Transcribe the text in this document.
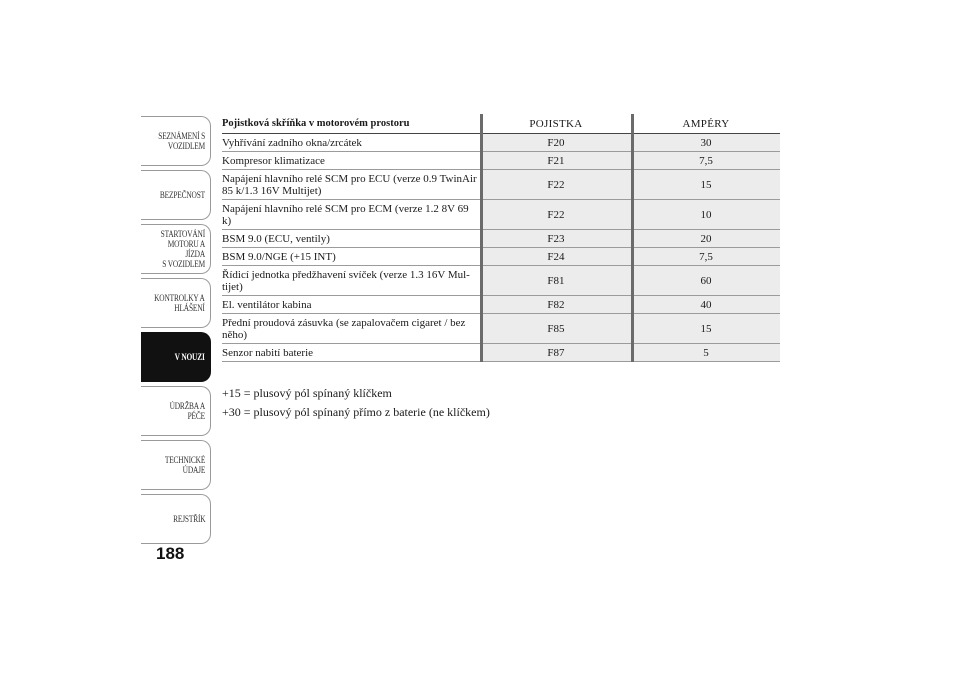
SEZNÁMENÍ S
VOZIDLEM
BEZPEČNOST
STARTOVÁNÍ
MOTORU A JÍZDA
S VOZIDLEM
KONTROLKY A
HLÁŠENÍ
V NOUZI
ÚDRŽBA A PÉČE
TECHNICKÉ
ÚDAJE
REJSTŘÍK
188
Pojistková skříňka v motorovém prostoru	POJISTKA	AMPÉRY
Vyhřívání zadního okna/zrcátek	F20	30
Kompresor klimatizace	F21	7,5
Napájení hlavního relé SCM pro ECU (verze 0.9 TwinAir 85 k/1.3 16V Multijet)	F22	15
Napájení hlavního relé SCM pro ECM (verze 1.2 8V 69 k)	F22	10
BSM 9.0 (ECU, ventily)	F23	20
BSM 9.0/NGE (+15 INT)	F24	7,5
Řídicí jednotka předžhavení svíček (verze 1.3 16V Mul-tijet)	F81	60
El. ventilátor kabina	F82	40
Přední proudová zásuvka (se zapalovačem cigaret / bez něho)	F85	15
Senzor nabití baterie	F87	5
+15 = plusový pól spínaný klíčkem
+30 = plusový pól spínaný přímo z baterie (ne klíčkem)
